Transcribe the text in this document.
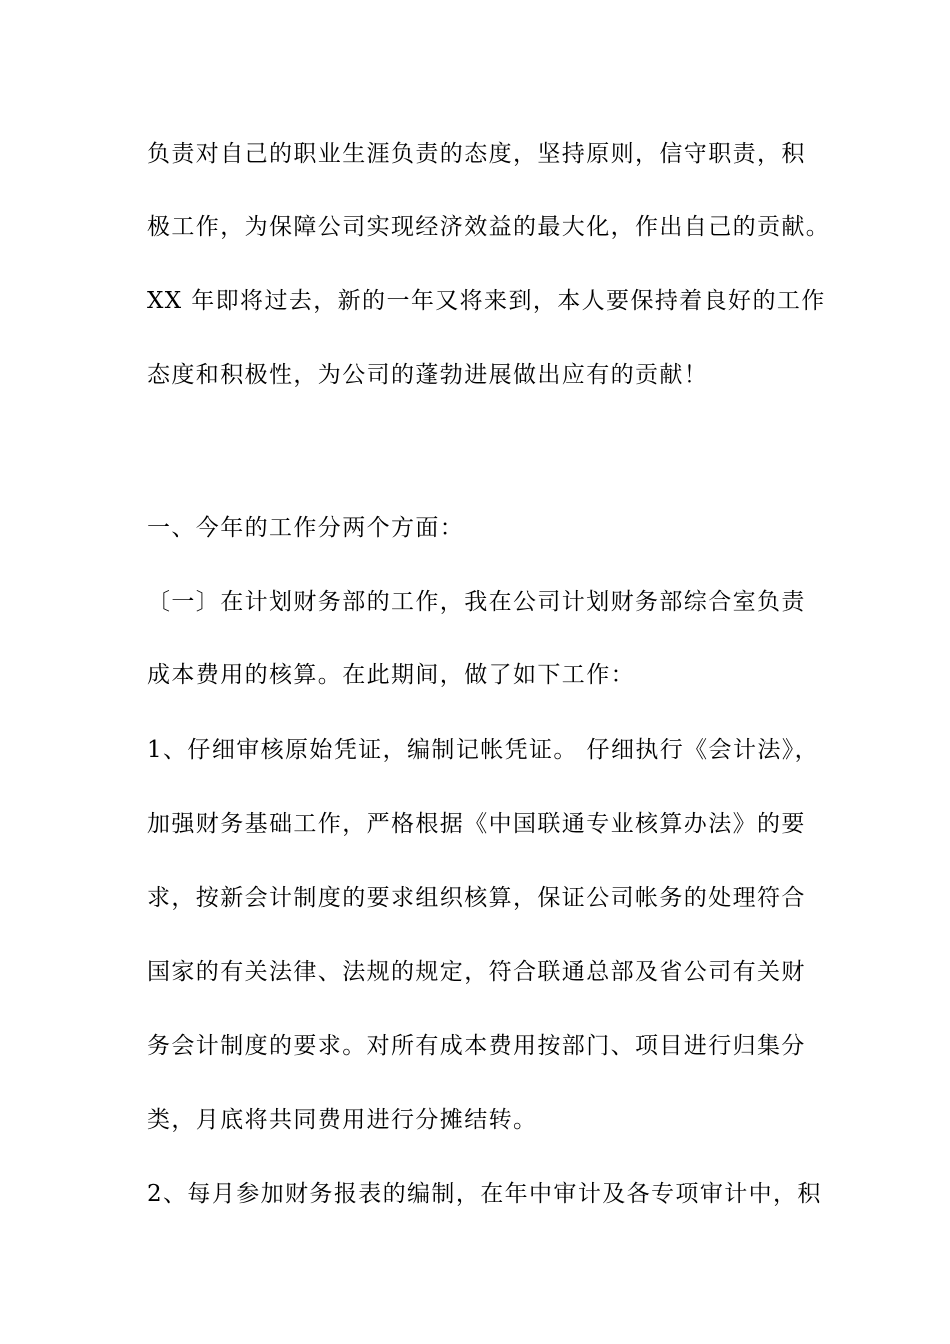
负责对自己的职业生涯负责的态度，坚持原则，信守职责，积
极工作，为保障公司实现经济效益的最大化，作出自己的贡献。
XX 年即将过去，新的一年又将来到，本人要保持着良好的工作
态度和积极性，为公司的蓬勃进展做出应有的贡献！
一、今年的工作分两个方面：
〔一〕在计划财务部的工作，我在公司计划财务部综合室负责
成本费用的核算。在此期间，做了如下工作：
1、仔细审核原始凭证，编制记帐凭证。 仔细执行《会计法》，
加强财务基础工作，严格根据《中国联通专业核算办法》的要
求，按新会计制度的要求组织核算，保证公司帐务的处理符合
国家的有关法律、法规的规定，符合联通总部及省公司有关财
务会计制度的要求。对所有成本费用按部门、项目进行归集分
类，月底将共同费用进行分摊结转。
2、每月参加财务报表的编制，在年中审计及各专项审计中，积
